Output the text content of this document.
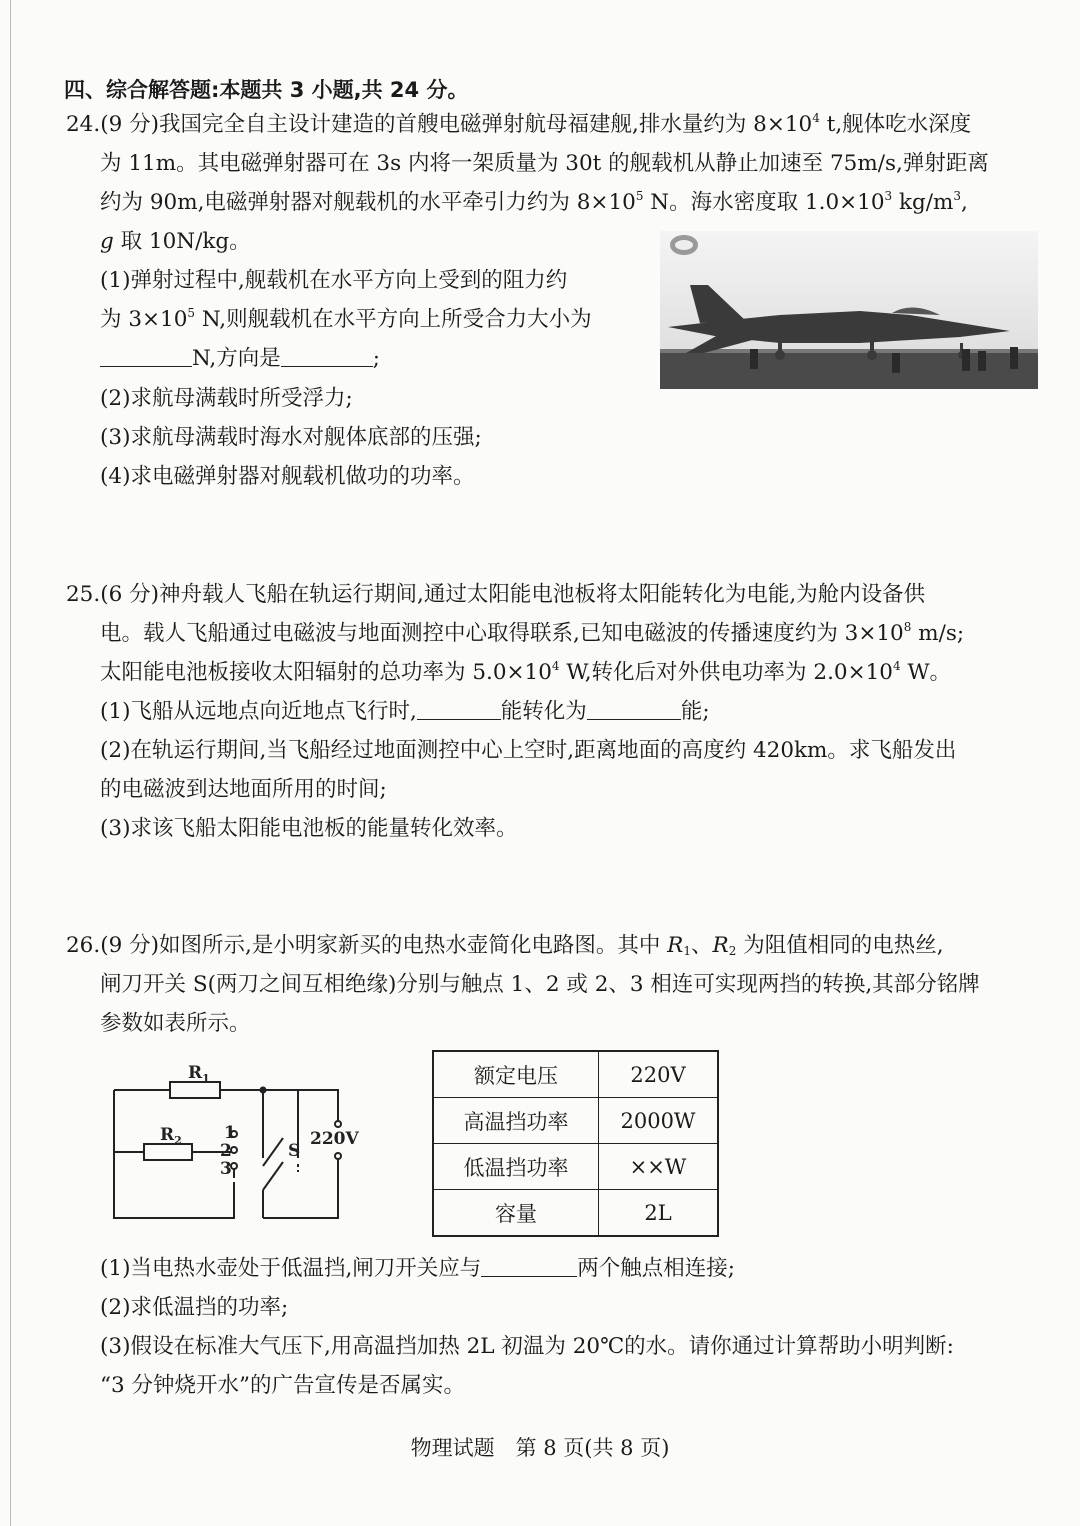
四、综合解答题:本题共 3 小题,共 24 分。
24.(9 分)我国完全自主设计建造的首艘电磁弹射航母福建舰,排水量约为 $8\times 10^4$ t,舰体吃水深度
为 11m。其电磁弹射器可在 3s 内将一架质量为 30t 的舰载机从静止加速至 75m/s,弹射距离
约为 90m,电磁弹射器对舰载机的水平牵引力约为 $8\times 10^5$ N。海水密度取 $1.0\times 10^3$ $kg/m^3$,
g 取 10N/kg。
(1)弹射过程中,舰载机在水平方向上受到的阻力约
为 $3\times 10^5$ N,则舰载机在水平方向上所受合力大小为
N,方向是	;
(2)求航母满载时所受浮力;
(3)求航母满载时海水对舰体底部的压强;
(4)求电磁弹射器对舰载机做功的功率。
25.(6 分)神舟载人飞船在轨运行期间,通过太阳能电池板将太阳能转化为电能,为舱内设备供
电。载人飞船通过电磁波与地面测控中心取得联系,已知电磁波的传播速度约为 $3\times 10^8$ m/s;
太阳能电池板接收太阳辐射的总功率为 $5.0\times 10^4$ W,转化后对外供电功率为 $2.0\times 10^4$ W。
(1)飞船从远地点向近地点飞行时,	能转化为	能;
(2)在轨运行期间,当飞船经过地面测控中心上空时,距离地面的高度约 420km。求飞船发出
的电磁波到达地面所用的时间;
(3)求该飞船太阳能电池板的能量转化效率。
26.(9 分)如图所示,是小明家新买的电热水壶简化电路图。其中 $R_1$、$R_2$ 为阻值相同的电热丝,
闸刀开关 S(两刀之间互相绝缘)分别与触点 1、2 或 2、3 相连可实现两挡的转换,其部分铭牌
参数如表所示。
$R_1$
$R_2$ 1
2
3
S
220V
额定电压	220V
高温挡功率	2000W
低温挡功率	××W
容量	2L
(1)当电热水壶处于低温挡,闸刀开关应与	两个触点相连接;
(2)求低温挡的功率;
(3)假设在标准大气压下,用高温挡加热 2L 初温为 20℃的水。请你通过计算帮助小明判断:
“3 分钟烧开水”的广告宣传是否属实。
物理试题　第 8 页(共 8 页)
